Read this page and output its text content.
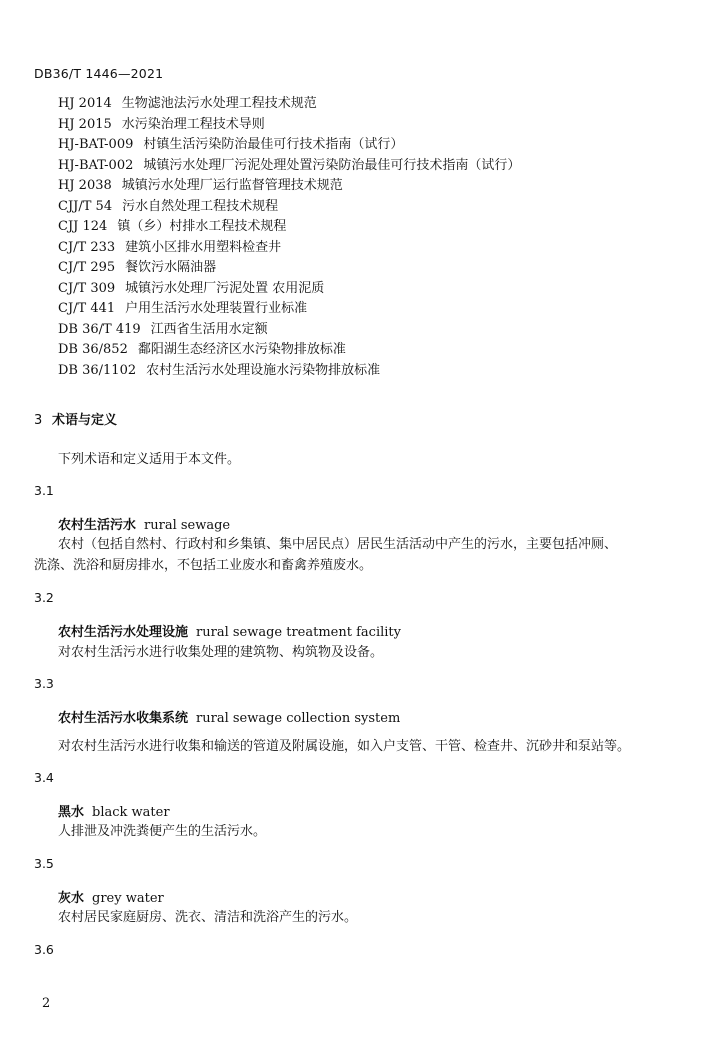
DB36/T 1446—2021
HJ 2014 生物滤池法污水处理工程技术规范
HJ 2015 水污染治理工程技术导则
HJ-BAT-009 村镇生活污染防治最佳可行技术指南（试行）
HJ-BAT-002 城镇污水处理厂污泥处理处置污染防治最佳可行技术指南（试行）
HJ 2038 城镇污水处理厂运行监督管理技术规范
CJJ/T 54 污水自然处理工程技术规程
CJJ 124 镇（乡）村排水工程技术规程
CJ/T 233 建筑小区排水用塑料检查井
CJ/T 295 餐饮污水隔油器
CJ/T 309 城镇污水处理厂污泥处置 农用泥质
CJ/T 441 户用生活污水处理装置行业标准
DB 36/T 419 江西省生活用水定额
DB 36/852 鄱阳湖生态经济区水污染物排放标准
DB 36/1102 农村生活污水处理设施水污染物排放标准
3 术语与定义
下列术语和定义适用于本文件。
3.1
农村生活污水 rural sewage
农村（包括自然村、行政村和乡集镇、集中居民点）居民生活活动中产生的污水，主要包括冲厕、
洗涤、洗浴和厨房排水，不包括工业废水和畜禽养殖废水。
3.2
农村生活污水处理设施 rural sewage treatment facility
对农村生活污水进行收集处理的建筑物、构筑物及设备。
3.3
农村生活污水收集系统 rural sewage collection system
对农村生活污水进行收集和输送的管道及附属设施，如入户支管、干管、检查井、沉砂井和泵站等。
3.4
黑水 black water
人排泄及冲洗粪便产生的生活污水。
3.5
灰水 grey water
农村居民家庭厨房、洗衣、清洁和洗浴产生的污水。
3.6
2
